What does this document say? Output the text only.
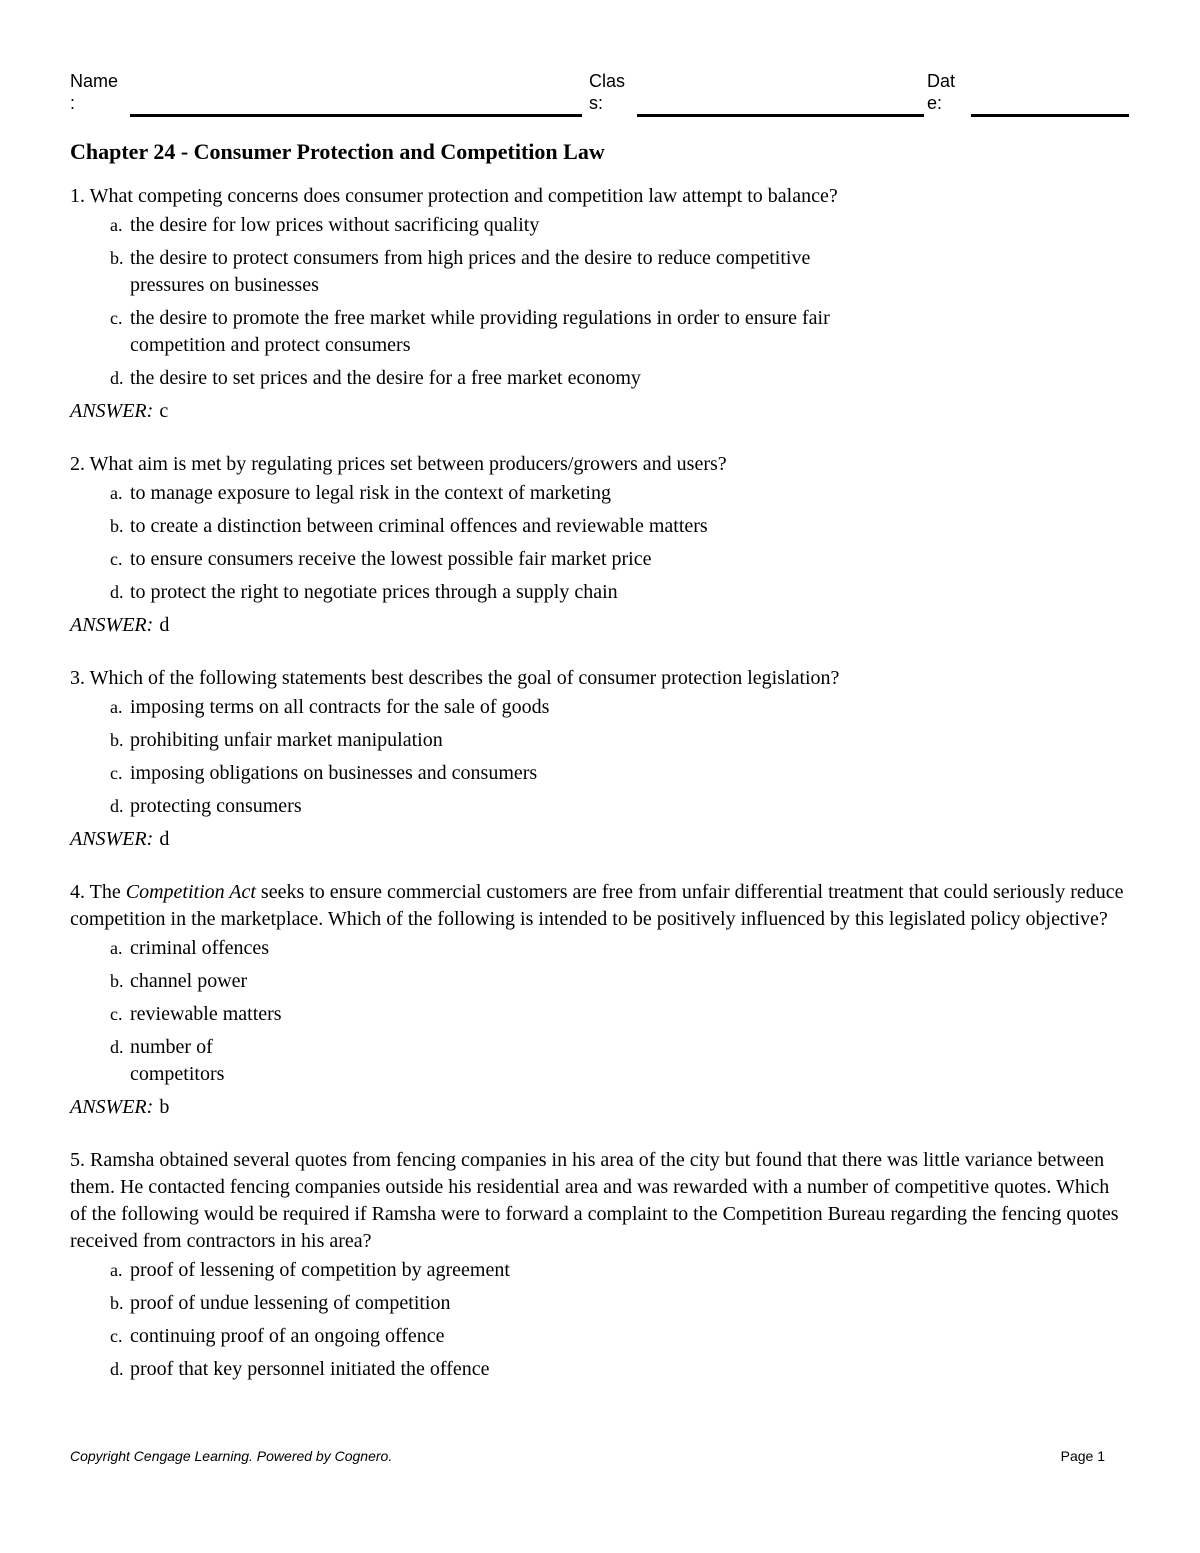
Name
:
Clas
s:
Dat
e:
Chapter 24 - Consumer Protection and Competition Law

1. What competing concerns does consumer protection and competition law attempt to balance?

a. the desire for low prices without sacrificing quality
b. the desire to protect consumers from high prices and the desire to reduce competitive pressures on businesses
c. the desire to promote the free market while providing regulations in order to ensure fair competition and protect consumers
d. the desire to set prices and the desire for a free market economy

ANSWER: c

2. What aim is met by regulating prices set between producers/growers and users?

a. to manage exposure to legal risk in the context of marketing
b. to create a distinction between criminal offences and reviewable matters
c. to ensure consumers receive the lowest possible fair market price
d. to protect the right to negotiate prices through a supply chain

ANSWER: d

3. Which of the following statements best describes the goal of consumer protection legislation?

a. imposing terms on all contracts for the sale of goods
b. prohibiting unfair market manipulation
c. imposing obligations on businesses and consumers
d. protecting consumers

ANSWER: d

4. The Competition Act seeks to ensure commercial customers are free from unfair differential treatment that could seriously reduce competition in the marketplace. Which of the following is intended to be positively influenced by this legislated policy objective?

a. criminal offences
b. channel power
c. reviewable matters
d. number of competitors

ANSWER: b

5. Ramsha obtained several quotes from fencing companies in his area of the city but found that there was little variance between them. He contacted fencing companies outside his residential area and was rewarded with a number of competitive quotes. Which of the following would be required if Ramsha were to forward a complaint to the Competition Bureau regarding the fencing quotes received from contractors in his area?

a. proof of lessening of competition by agreement
b. proof of undue lessening of competition
c. continuing proof of an ongoing offence
d. proof that key personnel initiated the offence
Copyright Cengage Learning. Powered by Cognero.	Page 1
